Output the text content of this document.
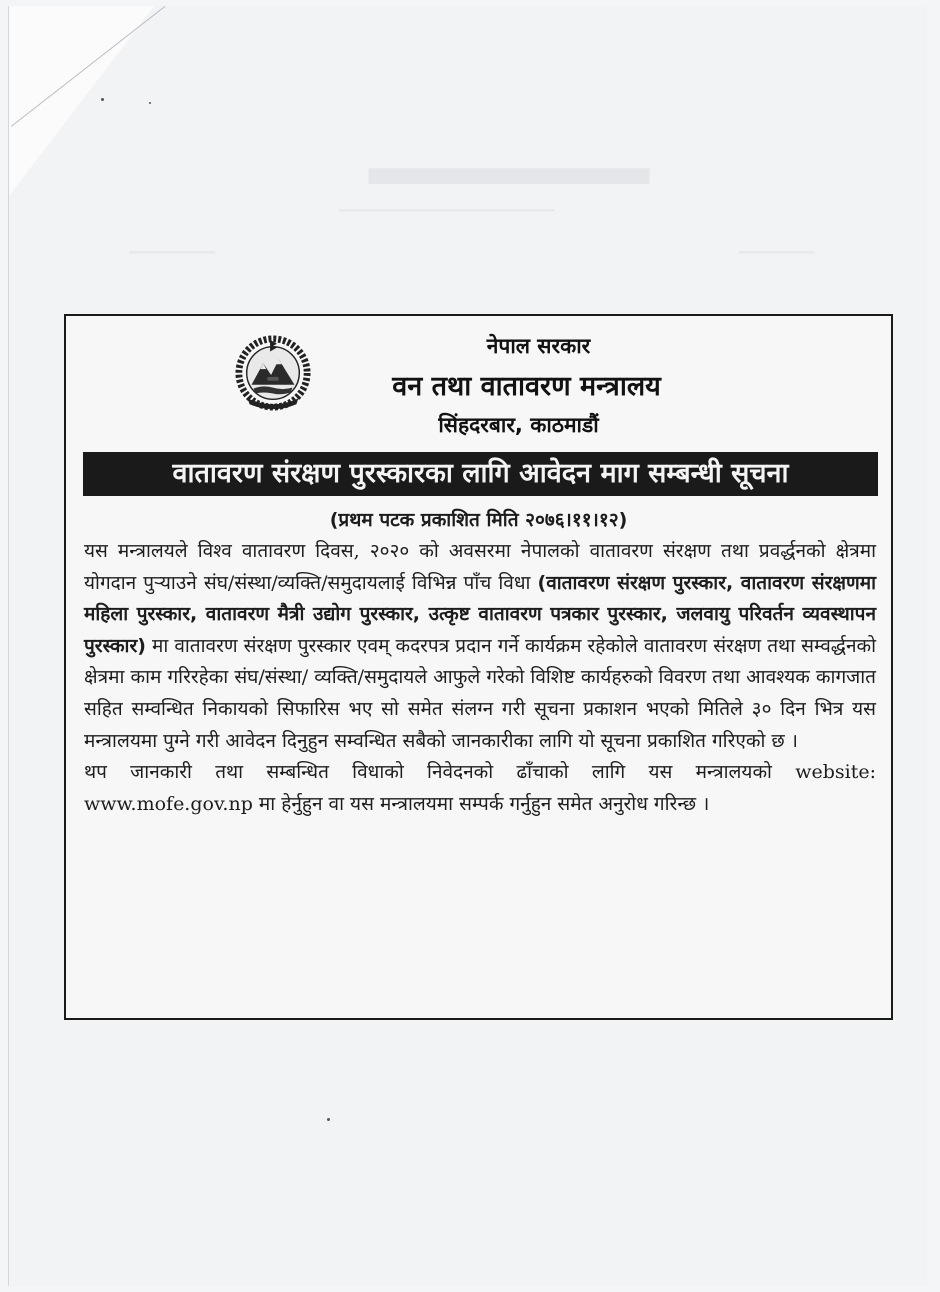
▂▂▂▂▂▂▂
▁▁▁▁▁▁▁▁▁▁▁▁▁▁▁▁▁▁▁▁
▁▁▁▁▁▁▁▁	▁▁▁▁▁▁▁
नेपाल सरकार
वन तथा वातावरण मन्त्रालय
सिंहदरबार, काठमाडौं
वातावरण संरक्षण पुरस्कारका लागि आवेदन माग सम्बन्धी सूचना
(प्रथम पटक प्रकाशित मिति २०७६।११।१२)

यस मन्त्रालयले विश्व वातावरण दिवस, २०२० को अवसरमा नेपालको वातावरण संरक्षण तथा प्रवर्द्धनको क्षेत्रमा योगदान पुऱ्याउने संघ/संस्था/व्यक्ति/समुदायलाई विभिन्न पाँच विधा (वातावरण संरक्षण पुरस्कार, वातावरण संरक्षणमा महिला पुरस्कार, वातावरण मैत्री उद्योग पुरस्कार, उत्कृष्ट वातावरण पत्रकार पुरस्कार, जलवायु परिवर्तन व्यवस्थापन पुरस्कार) मा वातावरण संरक्षण पुरस्कार एवम् कदरपत्र प्रदान गर्ने कार्यक्रम रहेकोले वातावरण संरक्षण तथा सम्वर्द्धनको क्षेत्रमा काम गरिरहेका संघ/संस्था/ व्यक्ति/समुदायले आफुले गरेको विशिष्ट कार्यहरुको विवरण तथा आवश्यक कागजात सहित सम्वन्धित निकायको सिफारिस भए सो समेत संलग्न गरी सूचना प्रकाशन भएको मितिले ३० दिन भित्र यस मन्त्रालयमा पुग्ने गरी आवेदन दिनुहुन सम्वन्धित सबैको जानकारीका लागि यो सूचना प्रकाशित गरिएको छ ।

थप जानकारी तथा सम्बन्धित विधाको निवेदनको ढाँचाको लागि यस मन्त्रालयको website: www.mofe.gov.np मा हेर्नुहुन वा यस मन्त्रालयमा सम्पर्क गर्नुहुन समेत अनुरोध गरिन्छ ।
